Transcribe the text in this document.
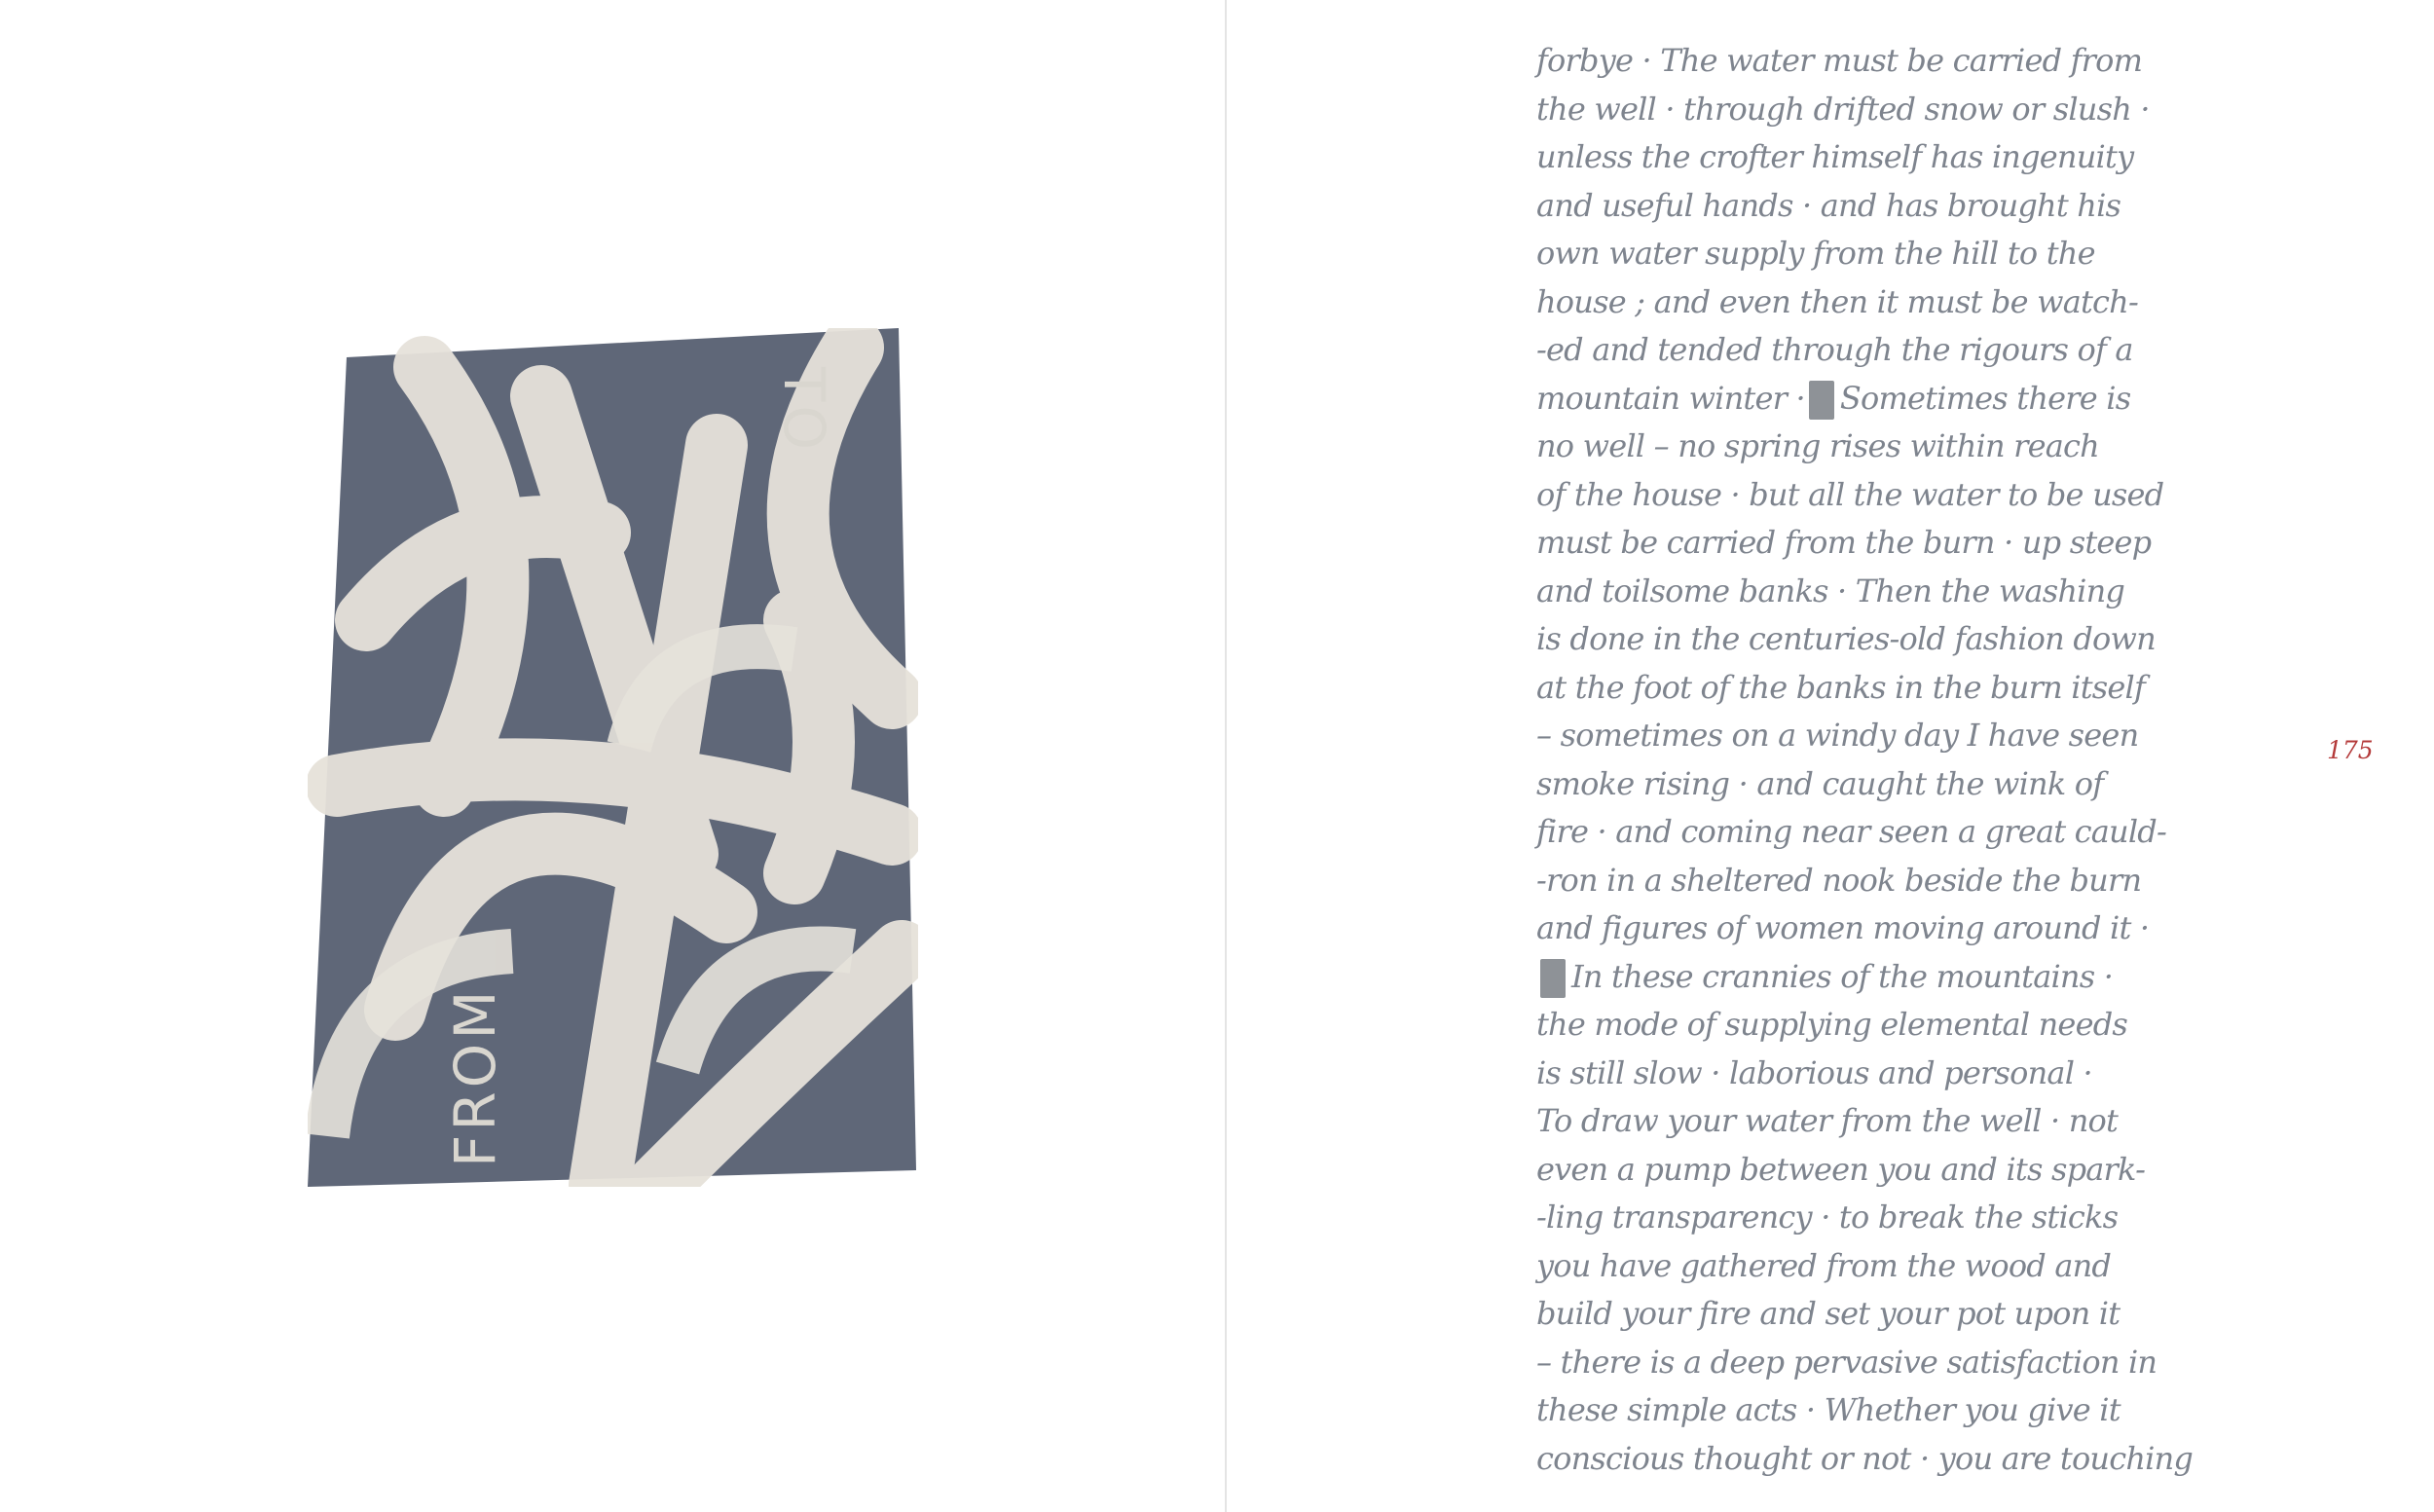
FROM
TO
forbye · The water must be carried from
the well · through drifted snow or slush ·
unless the crofter himself has ingenuity
and useful hands · and has brought his
own water supply from the hill to the
house ; and even then it must be watch-
-ed and tended through the rigours of a
mountain winter · Sometimes there is
no well – no spring rises within reach
of the house · but all the water to be used
must be carried from the burn · up steep
and toilsome banks · Then the washing
is done in the centuries-old fashion down
at the foot of the banks in the burn itself
– sometimes on a windy day I have seen
smoke rising · and caught the wink of
fire · and coming near seen a great cauld-
-ron in a sheltered nook beside the burn
and figures of women moving around it ·
In these crannies of the mountains ·
the mode of supplying elemental needs
is still slow · laborious and personal ·
To draw your water from the well · not
even a pump between you and its spark-
-ling transparency · to break the sticks
you have gathered from the wood and
build your fire and set your pot upon it
– there is a deep pervasive satisfaction in
these simple acts · Whether you give it
conscious thought or not · you are touching
175
